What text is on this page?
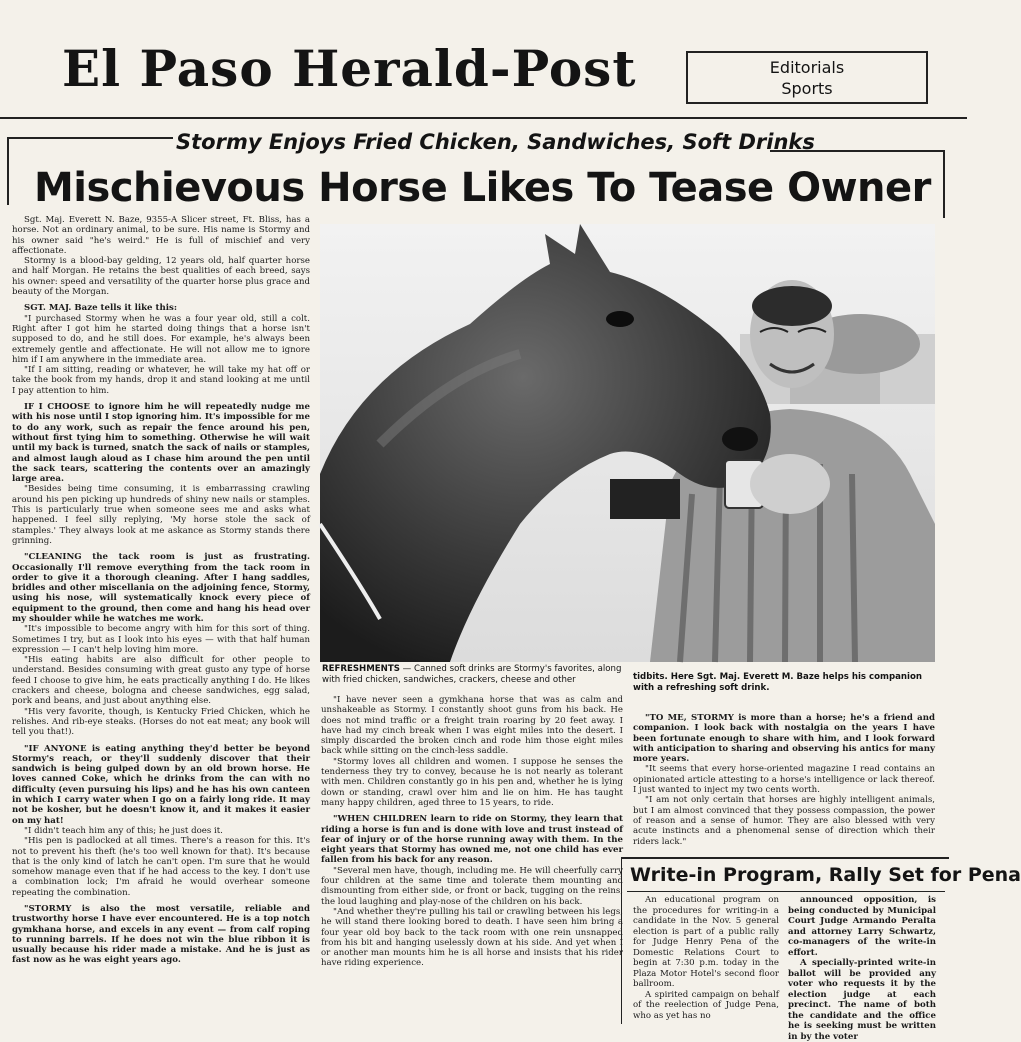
El Paso Herald-Post	Editorials
Sports
Stormy Enjoys Fried Chicken, Sandwiches, Soft Drinks
Mischievous Horse Likes To Tease Owner

Sgt. Maj. Everett N. Baze, 9355-A Slicer street, Ft. Bliss, has a horse. Not an ordinary animal, to be sure. His name is Stormy and his owner said "he's weird." He is full of mischief and very affectionate.

Stormy is a blood-bay gelding, 12 years old, half quarter horse and half Morgan. He retains the best qualities of each breed, says his owner: speed and versatility of the quarter horse plus grace and beauty of the Morgan.

SGT. MAJ. Baze tells it like this:

"I purchased Stormy when he was a four year old, still a colt. Right after I got him he started doing things that a horse isn't supposed to do, and he still does. For example, he's always been extremely gentle and affectionate. He will not allow me to ignore him if I am anywhere in the immediate area.

"If I am sitting, reading or whatever, he will take my hat off or take the book from my hands, drop it and stand looking at me until I pay attention to him.

IF I CHOOSE to ignore him he will repeatedly nudge me with his nose until I stop ignoring him. It's impossible for me to do any work, such as repair the fence around his pen, without first tying him to something. Otherwise he will wait until my back is turned, snatch the sack of nails or stamples, and almost laugh aloud as I chase him around the pen until the sack tears, scattering the contents over an amazingly large area.

"Besides being time consuming, it is embarrassing crawling around his pen picking up hundreds of shiny new nails or stamples. This is particularly true when someone sees me and asks what happened. I feel silly replying, 'My horse stole the sack of stamples.' They always look at me askance as Stormy stands there grinning.

"CLEANING the tack room is just as frustrating. Occasionally I'll remove everything from the tack room in order to give it a thorough cleaning. After I hang saddles, bridles and other miscellania on the adjoining fence, Stormy, using his nose, will systematically knock every piece of equipment to the ground, then come and hang his head over my shoulder while he watches me work.

"It's impossible to become angry with him for this sort of thing. Sometimes I try, but as I look into his eyes — with that half human expression — I can't help loving him more.

"His eating habits are also difficult for other people to understand. Besides consuming with great gusto any type of horse feed I choose to give him, he eats practically anything I do. He likes crackers and cheese, bologna and cheese sandwiches, egg salad, pork and beans, and just about anything else.

"His very favorite, though, is Kentucky Fried Chicken, which he relishes. And rib-eye steaks. (Horses do not eat meat; any book will tell you that!).

"IF ANYONE is eating anything they'd better be beyond Stormy's reach, or they'll suddenly discover that their sandwich is being gulped down by an old brown horse. He loves canned Coke, which he drinks from the can with no difficulty (even pursuing his lips) and he has his own canteen in which I carry water when I go on a fairly long ride. It may not be kosher, but he doesn't know it, and it makes it easier on my hat!

"I didn't teach him any of this; he just does it.

"His pen is padlocked at all times. There's a reason for this. It's not to prevent his theft (he's too well known for that). It's because that is the only kind of latch he can't open. I'm sure that he would somehow manage even that if he had access to the key. I don't use a combination lock; I'm afraid he would overhear someone repeating the combination.

"STORMY is also the most versatile, reliable and trustworthy horse I have ever encountered. He is a top notch gymkhana horse, and excels in any event — from calf roping to running barrels. If he does not win the blue ribbon it is usually because his rider made a mistake. And he is just as fast now as he was eight years ago.

REFRESHMENTS — Canned soft drinks are Stormy's favorites, along with fried chicken, sandwiches, crackers, cheese and other	tidbits. Here Sgt. Maj. Everett M. Baze helps his companion with a refreshing soft drink.

"I have never seen a gymkhana horse that was as calm and unshakeable as Stormy. I constantly shoot guns from his back. He does not mind traffic or a freight train roaring by 20 feet away. I have had my cinch break when I was eight miles into the desert. I simply discarded the broken cinch and rode him those eight miles back while sitting on the cinch-less saddle.

"Stormy loves all children and women. I suppose he senses the tenderness they try to convey, because he is not nearly as tolerant with men. Children constantly go in his pen and, whether he is lying down or standing, crawl over him and lie on him. He has taught many happy children, aged three to 15 years, to ride.

"WHEN CHILDREN learn to ride on Stormy, they learn that riding a horse is fun and is done with love and trust instead of fear of injury or of the horse running away with them. In the eight years that Stormy has owned me, not one child has ever fallen from his back for any reason.

"Several men have, though, including me. He will cheerfully carry four children at the same time and tolerate them mounting and dismounting from either side, or front or back, tugging on the reins, the loud laughing and play-nose of the children on his back.

"And whether they're pulling his tail or crawling between his legs, he will stand there looking bored to death. I have seen him bring a four year old boy back to the tack room with one rein unsnapped from his bit and hanging uselessly down at his side. And yet when I or another man mounts him he is all horse and insists that his rider have riding experience.

"TO ME, STORMY is more than a horse; he's a friend and companion. I look back with nostalgia on the years I have been fortunate enough to share with him, and I look forward with anticipation to sharing and observing his antics for many more years.

"It seems that every horse-oriented magazine I read contains an opinionated article attesting to a horse's intelligence or lack thereof. I just wanted to inject my two cents worth.

"I am not only certain that horses are highly intelligent animals, but I am almost convinced that they possess compassion, the power of reason and a sense of humor. They are also blessed with very acute instincts and a phenomenal sense of direction which their riders lack."

Write-in Program, Rally Set for Pena

An educational program on the procedures for writing-in a candidate in the Nov. 5 general election is part of a public rally for Judge Henry Pena of the Domestic Relations Court to begin at 7:30 p.m. today in the Plaza Motor Hotel's second floor ballroom.

A spirited campaign on behalf of the reelection of Judge Pena, who as yet has no

announced opposition, is being conducted by Municipal Court Judge Armando Peralta and attorney Larry Schwartz, co-managers of the write-in effort.

A specially-printed write-in ballot will be provided any voter who requests it by the election judge at each precinct. The name of both the candidate and the office he is seeking must be written in by the voter
